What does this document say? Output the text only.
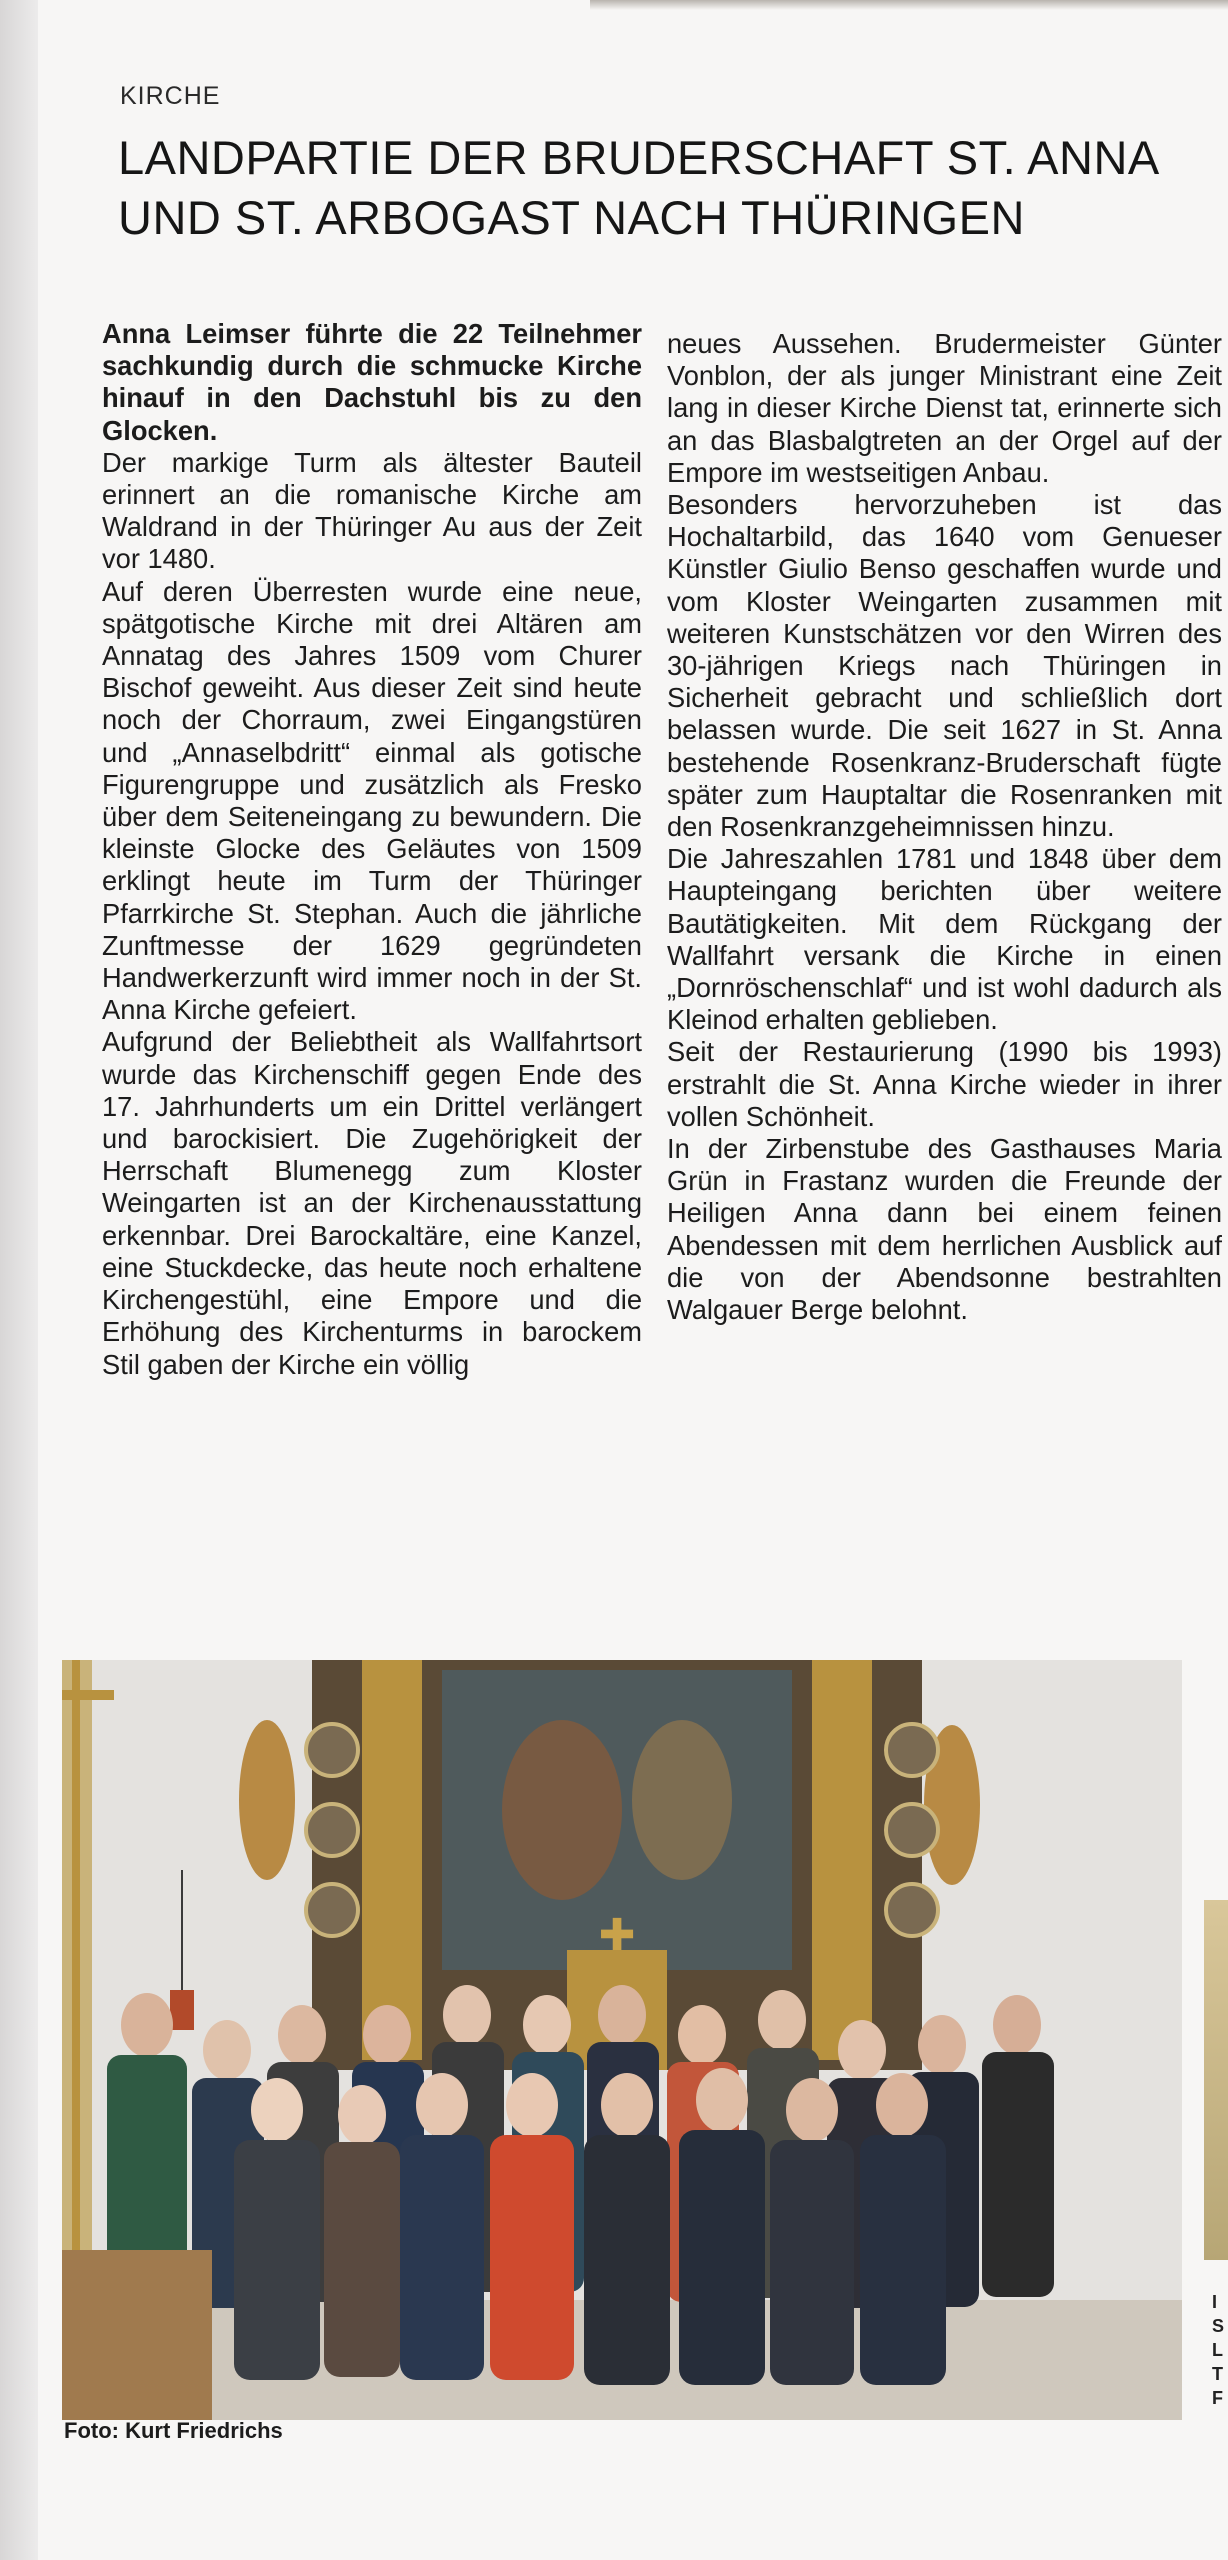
KIRCHE
LANDPARTIE DER BRUDERSCHAFT ST. ANNA
UND ST. ARBOGAST NACH THÜRINGEN

Anna Leimser führte die 22 Teilnehmer sachkundig durch die schmucke Kirche hinauf in den Dachstuhl bis zu den Glocken.

Der markige Turm als ältester Bauteil erinnert an die romanische Kirche am Waldrand in der Thüringer Au aus der Zeit vor 1480.

Auf deren Überresten wurde eine neue, spätgotische Kirche mit drei Altären am Annatag des Jahres 1509 vom Churer Bischof geweiht. Aus dieser Zeit sind heute noch der Chorraum, zwei Eingangstüren und „Annaselbdritt“ einmal als gotische Figurengruppe und zusätzlich als Fresko über dem Seiteneingang zu bewundern. Die kleinste Glocke des Geläutes von 1509 erklingt heute im Turm der Thüringer Pfarrkirche St. Stephan. Auch die jährliche Zunftmesse der 1629 gegründeten Handwerkerzunft wird immer noch in der St. Anna Kirche gefeiert.

Aufgrund der Beliebtheit als Wallfahrtsort wurde das Kirchenschiff gegen Ende des 17. Jahrhunderts um ein Drittel verlängert und barockisiert. Die Zugehörigkeit der Herrschaft Blumenegg zum Kloster Weingarten ist an der Kirchenausstattung erkennbar. Drei Barockaltäre, eine Kanzel, eine Stuckdecke, das heute noch erhaltene Kirchengestühl, eine Empore und die Erhöhung des Kirchenturms in barockem Stil gaben der Kirche ein völlig

neues Aussehen. Brudermeister Günter Vonblon, der als junger Ministrant eine Zeit lang in dieser Kirche Dienst tat, erinnerte sich an das Blasbalgtreten an der Orgel auf der Empore im westseitigen Anbau.

Besonders hervorzuheben ist das Hochaltarbild, das 1640 vom Genueser Künstler Giulio Benso geschaffen wurde und vom Kloster Weingarten zusammen mit weiteren Kunstschätzen vor den Wirren des 30-jährigen Kriegs nach Thüringen in Sicherheit gebracht und schließlich dort belassen wurde. Die seit 1627 in St. Anna bestehende Rosenkranz-Bruderschaft fügte später zum Hauptaltar die Rosenranken mit den Rosenkranzgeheimnissen hinzu.

Die Jahreszahlen 1781 und 1848 über dem Haupteingang berichten über weitere Bautätigkeiten. Mit dem Rückgang der Wallfahrt versank die Kirche in einen „Dornröschenschlaf“ und ist wohl dadurch als Kleinod erhalten geblieben.

Seit der Restaurierung (1990 bis 1993) erstrahlt die St. Anna Kirche wieder in ihrer vollen Schönheit.

In der Zirbenstube des Gasthauses Maria Grün in Frastanz wurden die Freunde der Heiligen Anna dann bei einem feinen Abendessen mit dem herrlichen Ausblick auf die von der Abendsonne bestrahlten Walgauer Berge belohnt.

✚
Foto: Kurt Friedrichs
I
S
L
T
F
